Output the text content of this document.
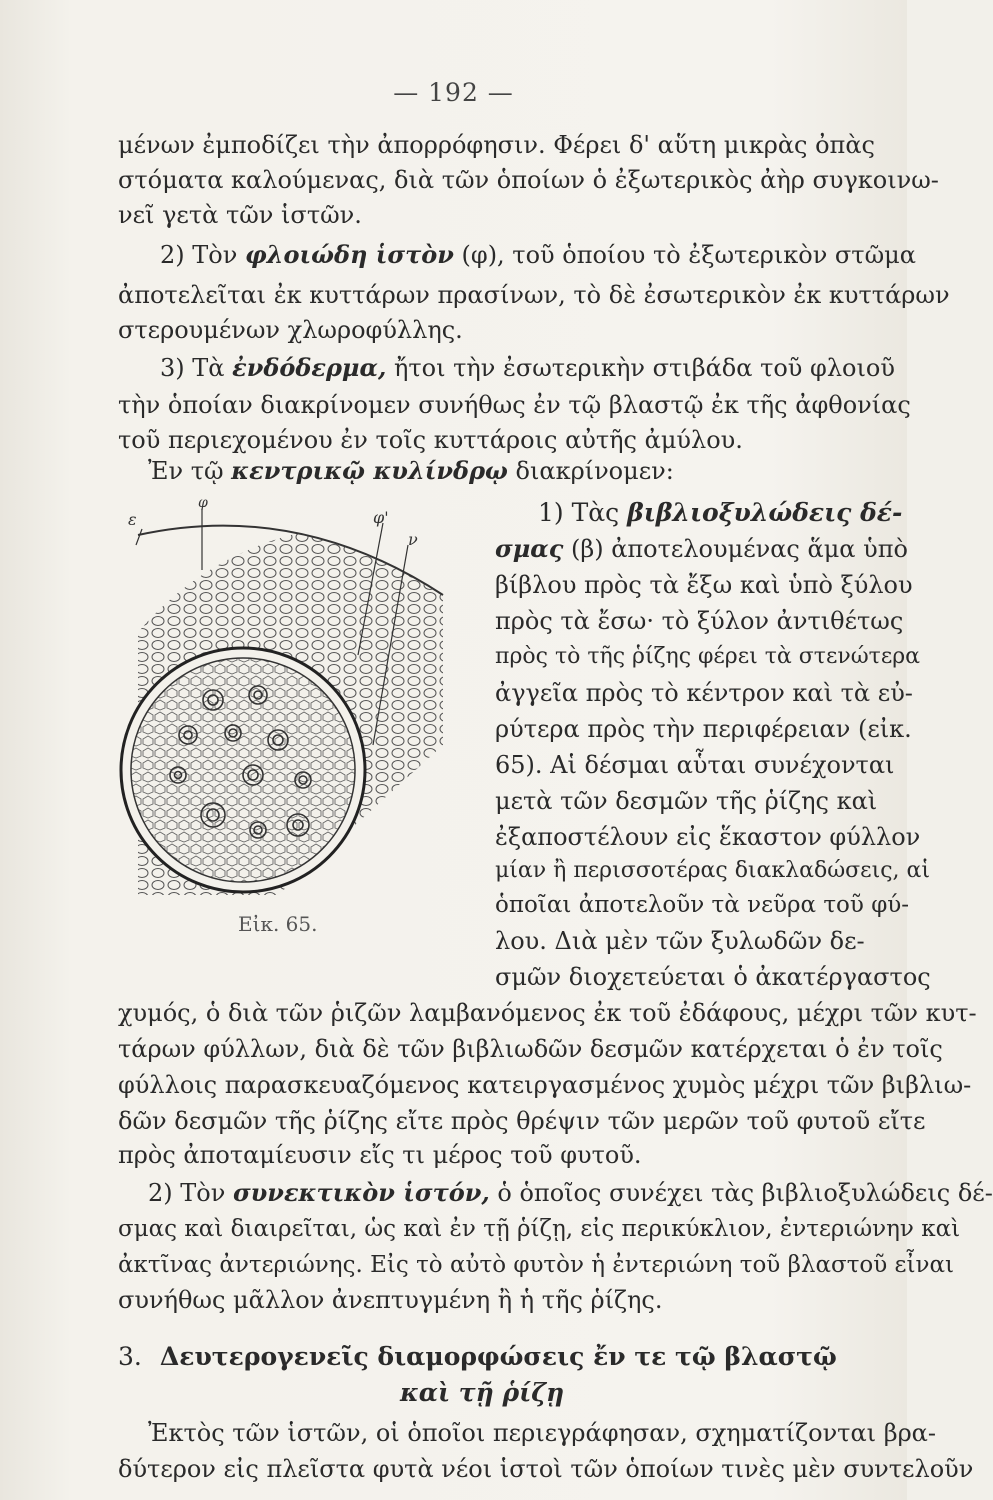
— 192 —
μένων ἐμποδίζει τὴν ἀπορρόφησιν. Φέρει δ' αὕτη μικρὰς ὀπὰς
στόματα καλούμενας, διὰ τῶν ὁποίων ὁ ἐξωτερικὸς ἀὴρ συγκοινω-
νεῖ γετὰ τῶν ἱστῶν.
2) Τὸν φλοιώδη ἱστὸν (φ), τοῦ ὁποίου τὸ ἐξωτερικὸν στῶμα
ἀποτελεῖται ἐκ κυττάρων πρασίνων, τὸ δὲ ἐσωτερικὸν ἐκ κυττάρων
στερουμένων χλωροφύλλης.
3) Τὰ ἐνδόδερμα, ἤτοι τὴν ἐσωτερικὴν στιβάδα τοῦ φλοιοῦ
τὴν ὁποίαν διακρίνομεν συνήθως ἐν τῷ βλαστῷ ἐκ τῆς ἀφθονίας
τοῦ περιεχομένου ἐν τοῖς κυττάροις αὐτῆς ἀμύλου.
Ἐν τῷ κεντρικῷ κυλίνδρῳ διακρίνομεν:
1) Τὰς βιβλιοξυλώδεις δέ-
σμας (β) ἀποτελουμένας ἅμα ὑπὸ
βίβλου πρὸς τὰ ἔξω καὶ ὑπὸ ξύλου
πρὸς τὰ ἔσω· τὸ ξύλον ἀντιθέτως
πρὸς τὸ τῆς ῥίζης φέρει τὰ στενώτερα
ἀγγεῖα πρὸς τὸ κέντρον καὶ τὰ εὐ-
ρύτερα πρὸς τὴν περιφέρειαν (εἰκ.
65). Αἱ δέσμαι αὗται συνέχονται
μετὰ τῶν δεσμῶν τῆς ῥίζης καὶ
ἐξαποστέλουν εἰς ἕκαστον φύλλον
μίαν ἢ περισσοτέρας διακλαδώσεις, αἱ
ὁποῖαι ἀποτελοῦν τὰ νεῦρα τοῦ φύ-
λου. Διὰ μὲν τῶν ξυλωδῶν δε-
σμῶν διοχετεύεται ὁ ἀκατέργαστος
ε
φ
φ'
ν
Εἰκ. 65.
χυμός, ὁ διὰ τῶν ῥιζῶν λαμβανόμενος ἐκ τοῦ ἐδάφους, μέχρι τῶν κυτ-
τάρων φύλλων, διὰ δὲ τῶν βιβλιωδῶν δεσμῶν κατέρχεται ὁ ἐν τοῖς
φύλλοις παρασκευαζόμενος κατειργασμένος χυμὸς μέχρι τῶν βιβλιω-
δῶν δεσμῶν τῆς ῥίζης εἴτε πρὸς θρέψιν τῶν μερῶν τοῦ φυτοῦ εἴτε
πρὸς ἀποταμίευσιν εἴς τι μέρος τοῦ φυτοῦ.
2) Τὸν συνεκτικὸν ἱστόν, ὁ ὁποῖος συνέχει τὰς βιβλιοξυλώδεις δέ-
σμας καὶ διαιρεῖται, ὡς καὶ ἐν τῇ ῥίζῃ, εἰς περικύκλιον, ἐντεριώνην καὶ
ἀκτῖνας ἀντεριώνης. Εἰς τὸ αὐτὸ φυτὸν ἡ ἐντεριώνη τοῦ βλαστοῦ εἶναι
συνήθως μᾶλλον ἀνεπτυγμένη ἢ ἡ τῆς ῥίζης.
3. Δευτερογενεῖς διαμορφώσεις ἔν τε τῷ βλαστῷ
καὶ τῇ ῥίζῃ
Ἐκτὸς τῶν ἱστῶν, οἱ ὁποῖοι περιεγράφησαν, σχηματίζονται βρα-
δύτερον εἰς πλεῖστα φυτὰ νέοι ἱστοὶ τῶν ὁποίων τινὲς μὲν συντελοῦν
